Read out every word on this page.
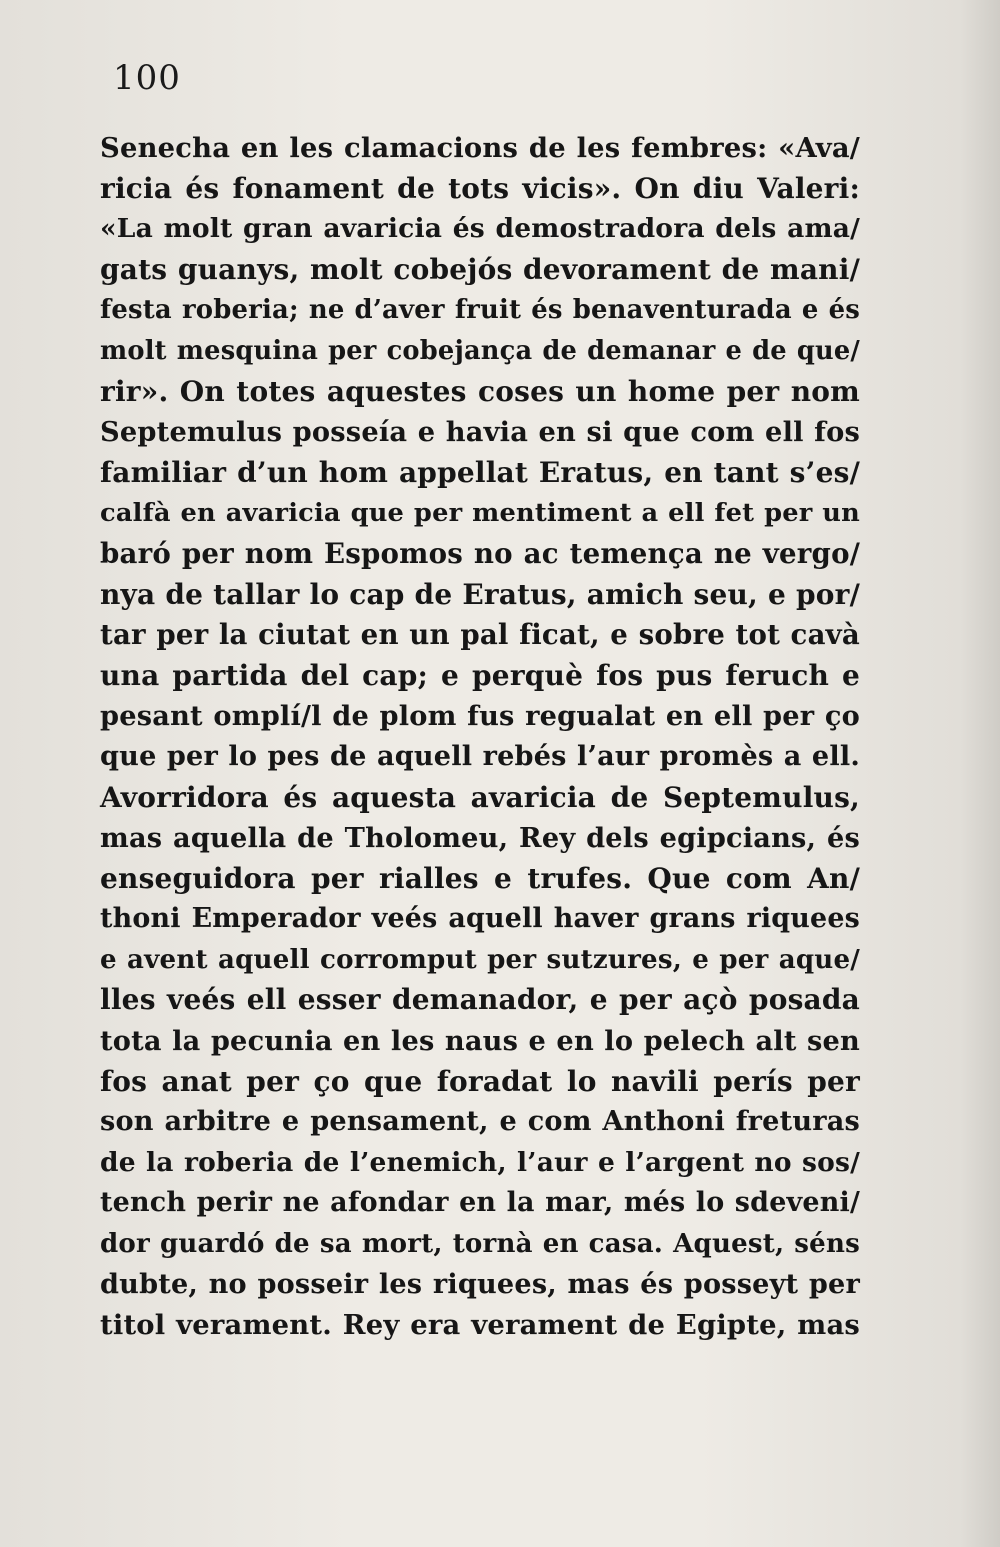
100
Senecha en les clamacions de les fembres: «Ava/
ricia és fonament de tots vicis». On diu Valeri:
«La molt gran avaricia és demostradora dels ama/
gats guanys, molt cobejós devorament de mani/
festa roberia; ne d’aver fruit és benaventurada e és
molt mesquina per cobejança de demanar e de que/
rir». On totes aquestes coses un home per nom
Septemulus posseía e havia en si que com ell fos
familiar d’un hom appellat Eratus, en tant s’es/
calfà en avaricia que per mentiment a ell fet per un
baró per nom Espomos no ac temença ne vergo/
nya de tallar lo cap de Eratus, amich seu, e por/
tar per la ciutat en un pal ficat, e sobre tot cavà
una partida del cap; e perquè fos pus feruch e
pesant omplí/l de plom fus regualat en ell per ço
que per lo pes de aquell rebés l’aur promès a ell.
Avorridora és aquesta avaricia de Septemulus,
mas aquella de Tholomeu, Rey dels egipcians, és
enseguidora per rialles e trufes. Que com An/
thoni Emperador veés aquell haver grans riquees
e avent aquell corromput per sutzures, e per aque/
lles veés ell esser demanador, e per açò posada
tota la pecunia en les naus e en lo pelech alt sen
fos anat per ço que foradat lo navili perís per
son arbitre e pensament, e com Anthoni freturas
de la roberia de l’enemich, l’aur e l’argent no sos/
tench perir ne afondar en la mar, més lo sdeveni/
dor guardó de sa mort, tornà en casa. Aquest, séns
dubte, no posseir les riquees, mas és posseyt per
titol verament. Rey era verament de Egipte, mas
